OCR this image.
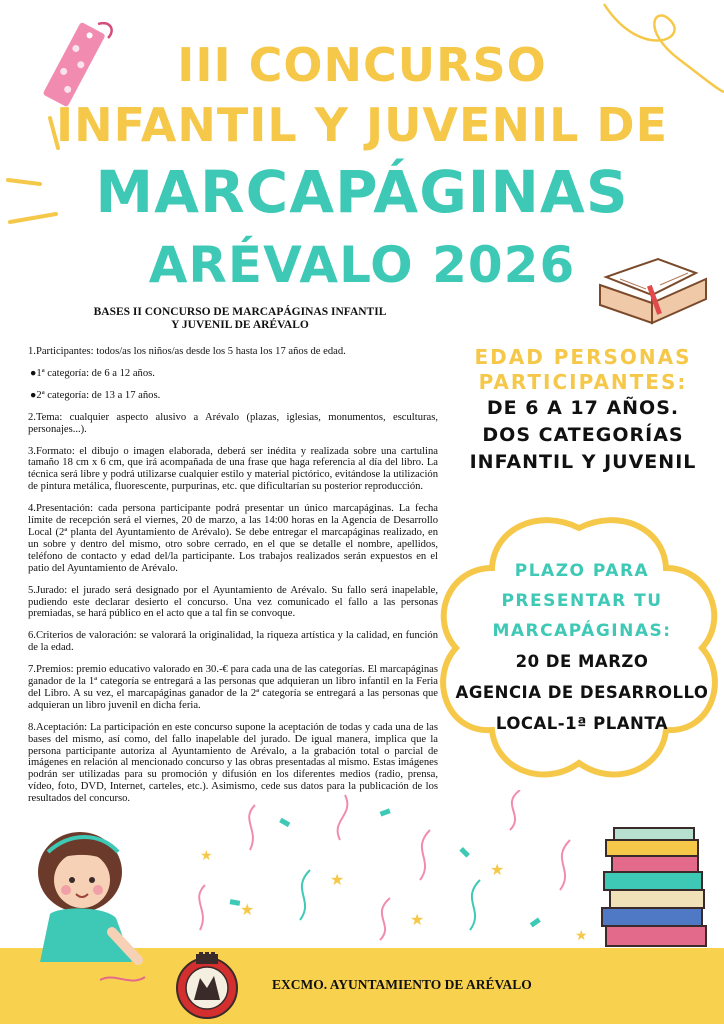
III CONCURSO
INFANTIL Y JUVENIL DE
MARCAPÁGINAS
ARÉVALO 2026
BASES II CONCURSO DE MARCAPÁGINAS INFANTIL
Y JUVENIL DE ARÉVALO

1.Participantes: todos/as los niños/as desde los 5 hasta los 17 años de edad.

●1ª categoría: de 6 a 12 años.

●2ª categoría: de 13 a 17 años.

2.Tema: cualquier aspecto alusivo a Arévalo (plazas, iglesias, monumentos, esculturas, personajes...).

3.Formato: el dibujo o imagen elaborada, deberá ser inédita y realizada sobre una cartulina tamaño 18 cm x 6 cm, que irá acompañada de una frase que haga referencia al día del libro. La técnica será libre y podrá utilizarse cualquier estilo y material pictórico, evitándose la utilización de pintura metálica, fluorescente, purpurinas, etc. que dificultarían su posterior reproducción.

4.Presentación: cada persona participante podrá presentar un único marcapáginas. La fecha límite de recepción será el viernes, 20 de marzo, a las 14:00 horas en la Agencia de Desarrollo Local (2ª planta del Ayuntamiento de Arévalo). Se debe entregar el marcapáginas realizado, en un sobre y dentro del mismo, otro sobre cerrado, en el que se detalle el nombre, apellidos, teléfono de contacto y edad del/la participante. Los trabajos realizados serán expuestos en el patio del Ayuntamiento de Arévalo.

5.Jurado: el jurado será designado por el Ayuntamiento de Arévalo. Su fallo será inapelable, pudiendo este declarar desierto el concurso. Una vez comunicado el fallo a las personas premiadas, se hará público en el acto que a tal fin se convoque.

6.Criterios de valoración: se valorará la originalidad, la riqueza artística y la calidad, en función de la edad.

7.Premios: premio educativo valorado en 30.-€ para cada una de las categorías. El marcapáginas ganador de la 1ª categoría se entregará a las personas que adquieran un libro infantil en la Feria del Libro. A su vez, el marcapáginas ganador de la 2ª categoría se entregará a las personas que adquieran un libro juvenil en dicha feria.

8.Aceptación: La participación en este concurso supone la aceptación de todas y cada una de las bases del mismo, así como, del fallo inapelable del jurado. De igual manera, implica que la persona participante autoriza al Ayuntamiento de Arévalo, a la grabación total o parcial de imágenes en relación al mencionado concurso y las obras presentadas al mismo. Estas imágenes podrán ser utilizadas para su promoción y difusión en los diferentes medios (radio, prensa, vídeo, foto, DVD, Internet, carteles, etc.). Asimismo, cede sus datos para la publicación de los resultados del concurso.

EDAD PERSONAS
PARTICIPANTES:
DE 6 A 17 AÑOS.
DOS CATEGORÍAS
INFANTIL Y JUVENIL
PLAZO PARA
PRESENTAR TU
MARCAPÁGINAS:
20 DE MARZO
AGENCIA DE DESARROLLO
LOCAL-1ª PLANTA
★
★
★
★
★
★
EXCMO. AYUNTAMIENTO DE ARÉVALO
